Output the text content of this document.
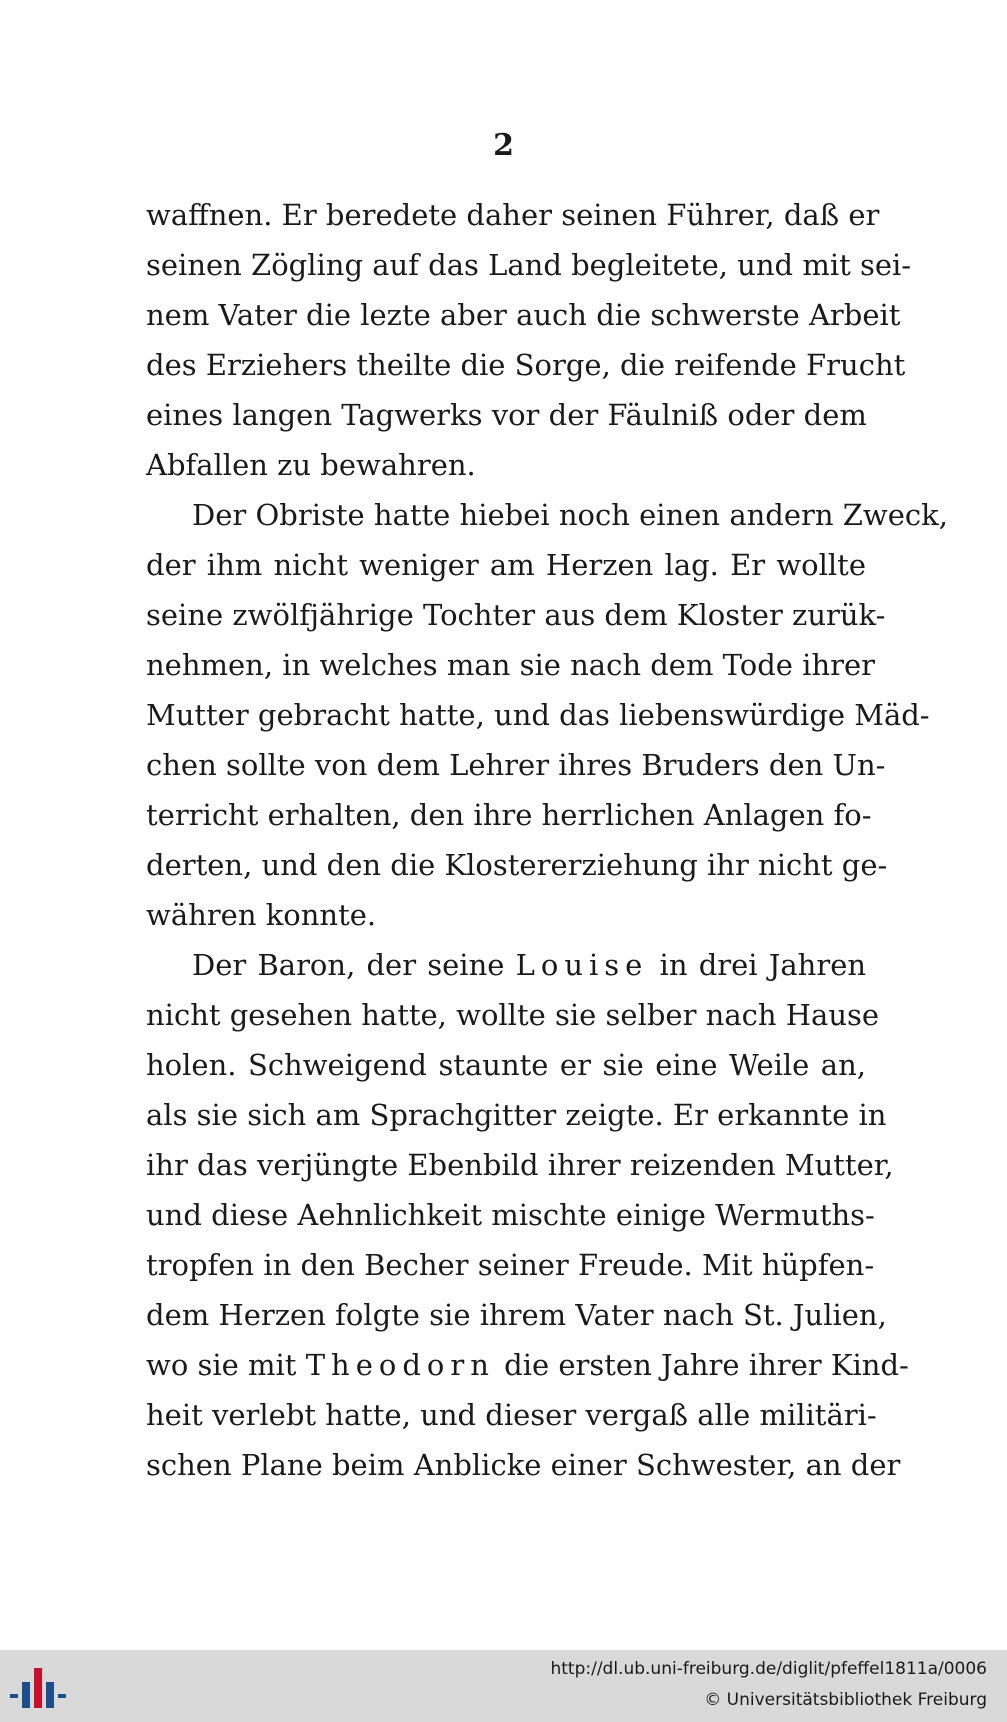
2
waffnen. Er beredete daher seinen Führer, daß er
seinen Zögling auf das Land begleitete, und mit sei-
nem Vater die lezte aber auch die schwerste Arbeit
des Erziehers theilte die Sorge, die reifende Frucht
eines langen Tagwerks vor der Fäulniß oder dem
Abfallen zu bewahren.
Der Obriste hatte hiebei noch einen andern Zweck,
der ihm nicht weniger am Herzen lag. Er wollte
seine zwölfjährige Tochter aus dem Kloster zurük-
nehmen, in welches man sie nach dem Tode ihrer
Mutter gebracht hatte, und das liebenswürdige Mäd-
chen sollte von dem Lehrer ihres Bruders den Un-
terricht erhalten, den ihre herrlichen Anlagen fo-
derten, und den die Klostererziehung ihr nicht ge-
währen konnte.
Der Baron, der seine Louise in drei Jahren
nicht gesehen hatte, wollte sie selber nach Hause
holen. Schweigend staunte er sie eine Weile an,
als sie sich am Sprachgitter zeigte. Er erkannte in
ihr das verjüngte Ebenbild ihrer reizenden Mutter,
und diese Aehnlichkeit mischte einige Wermuths-
tropfen in den Becher seiner Freude. Mit hüpfen-
dem Herzen folgte sie ihrem Vater nach St. Julien,
wo sie mit Theodorn die ersten Jahre ihrer Kind-
heit verlebt hatte, und dieser vergaß alle militäri-
schen Plane beim Anblicke einer Schwester, an der
http://dl.ub.uni-freiburg.de/diglit/pfeffel1811a/0006
© Universitätsbibliothek Freiburg
